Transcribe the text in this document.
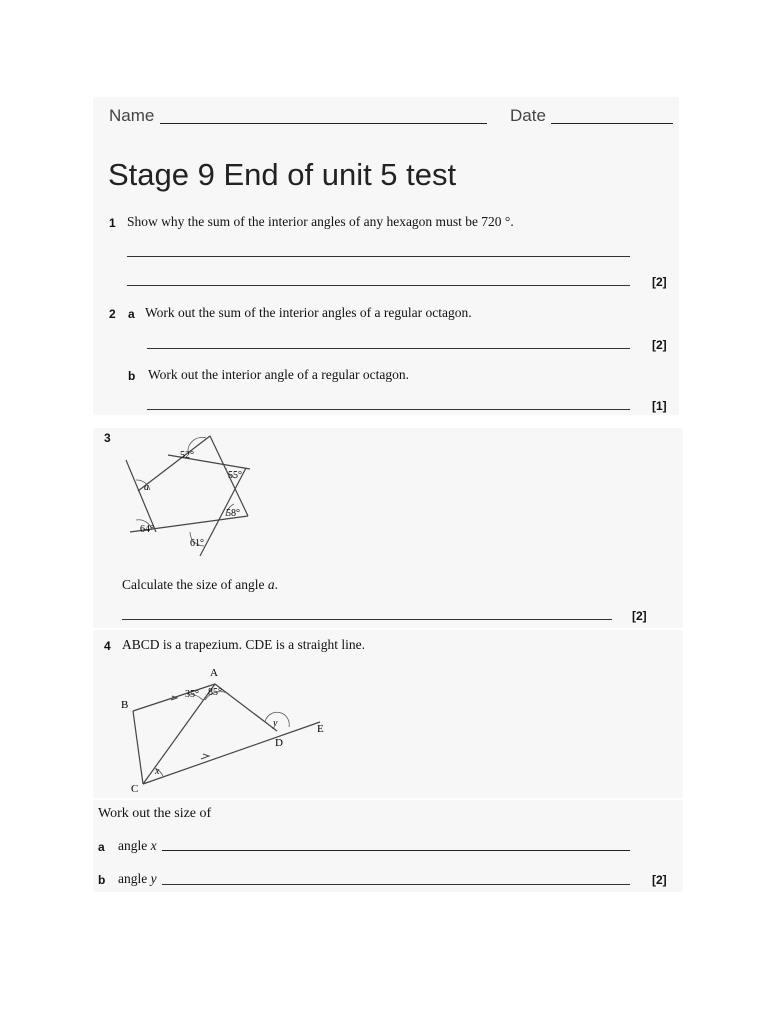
Name	Date
Stage 9 End of unit 5 test
1 Show why the sum of the interior angles of any hexagon must be 720 °.
[2]
2 a Work out the sum of the interior angles of a regular octagon.
[2]
b Work out the interior angle of a regular octagon.
[1]
3
52°
55°
58°
61°
64°
a
Calculate the size of angle a.
[2]
4 ABCD is a trapezium. CDE is a straight line.
A
B
C
D
E
35° 85°
x
y
Work out the size of
a angle x
b angle y	[2]
